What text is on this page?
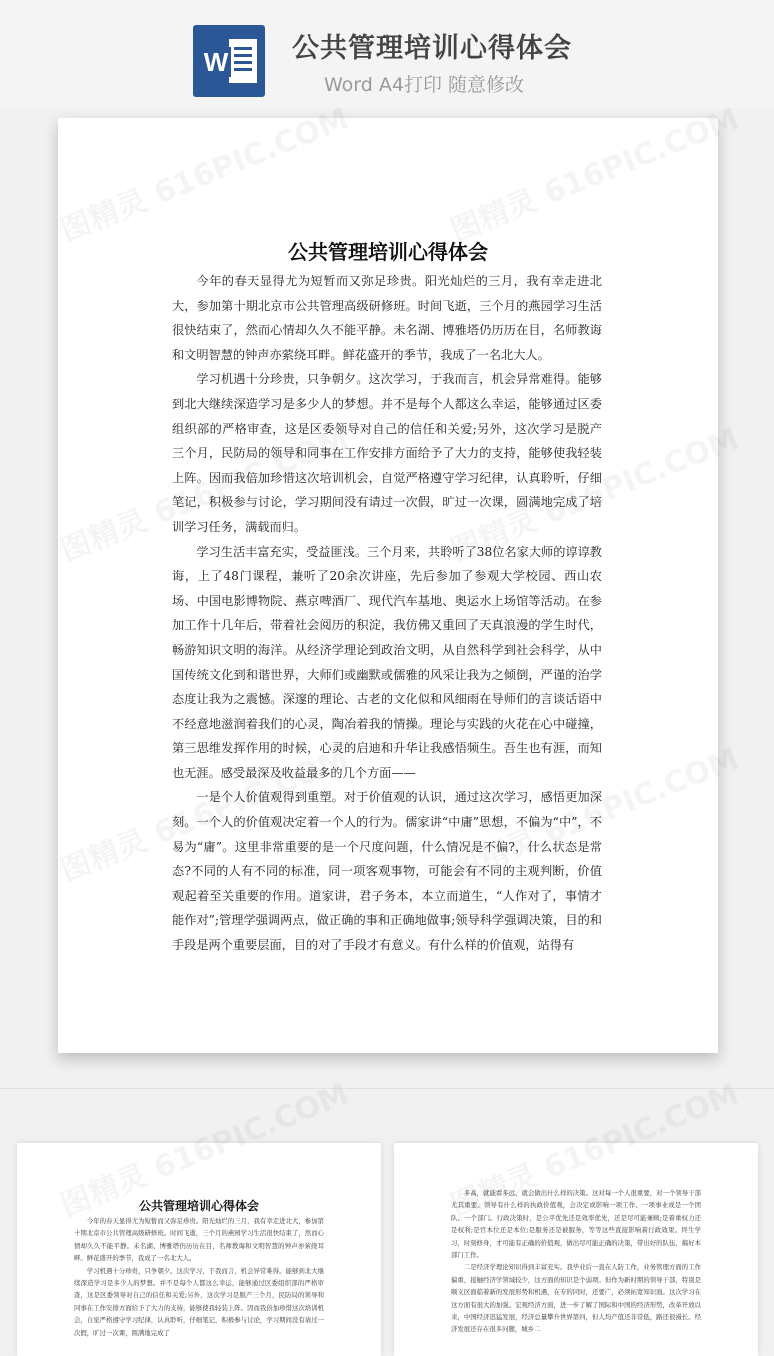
W 公共管理培训心得体会
Word A4打印 随意修改
公共管理培训心得体会

今年的春天显得尤为短暂而又弥足珍贵。阳光灿烂的三月，我有幸走进北大，参加第十期北京市公共管理高级研修班。时间飞逝，三个月的燕园学习生活很快结束了，然而心情却久久不能平静。未名湖、博雅塔仍历历在目，名师教诲和文明智慧的钟声亦萦绕耳畔。鲜花盛开的季节，我成了一名北大人。

学习机遇十分珍贵，只争朝夕。这次学习，于我而言，机会异常难得。能够到北大继续深造学习是多少人的梦想。并不是每个人都这么幸运，能够通过区委组织部的严格审查，这是区委领导对自己的信任和关爱;另外，这次学习是脱产三个月，民防局的领导和同事在工作安排方面给予了大力的支持，能够使我轻装上阵。因而我倍加珍惜这次培训机会，自觉严格遵守学习纪律，认真聆听，仔细笔记，积极参与讨论，学习期间没有请过一次假，旷过一次课，圆满地完成了培训学习任务，满载而归。

学习生活丰富充实，受益匪浅。三个月来，共聆听了38位名家大师的谆谆教诲，上了48门课程，兼听了20余次讲座，先后参加了参观大学校园、西山农场、中国电影博物院、燕京啤酒厂、现代汽车基地、奥运水上场馆等活动。在参加工作十几年后，带着社会阅历的积淀，我仿佛又重回了天真浪漫的学生时代，畅游知识文明的海洋。从经济学理论到政治文明，从自然科学到社会科学，从中国传统文化到和谐世界，大师们或幽默或儒雅的风采让我为之倾倒，严谨的治学态度让我为之震憾。深邃的理论、古老的文化似和风细雨在导师们的言谈话语中不经意地滋润着我们的心灵，陶冶着我的情操。理论与实践的火花在心中碰撞，第三思维发挥作用的时候，心灵的启迪和升华让我感悟频生。吾生也有涯，而知也无涯。感受最深及收益最多的几个方面——

一是个人价值观得到重塑。对于价值观的认识，通过这次学习，感悟更加深刻。一个人的价值观决定着一个人的行为。儒家讲“中庸”思想，不偏为“中”，不易为“庸”。这里非常重要的是一个尺度问题，什么情况是不偏?，什么状态是常态?不同的人有不同的标准，同一项客观事物，可能会有不同的主观判断，价值观起着至关重要的作用。道家讲，君子务本，本立而道生，“人作对了，事情才能作对”;管理学强调两点，做正确的事和正确地做事;领导科学强调决策，目的和手段是两个重要层面，目的对了手段才有意义。有什么样的价值观，站得有

公共管理培训心得体会

今年的春天显得尤为短暂而又弥足珍贵。阳光灿烂的三月，我有幸走进北大，参加第十期北京市公共管理高级研修班。时间飞逝，三个月的燕园学习生活很快结束了，然而心情却久久不能平静。未名湖、博雅塔仍历历在目，名师教诲和文明智慧的钟声亦萦绕耳畔。鲜花盛开的季节，我成了一名北大人。

学习机遇十分珍贵，只争朝夕。这次学习，于我而言，机会异常难得。能够到北大继续深造学习是多少人的梦想。并不是每个人都这么幸运，能够通过区委组织部的严格审查，这是区委领导对自己的信任和关爱;另外，这次学习是脱产三个月，民防局的领导和同事在工作安排方面给予了大力的支持，能够使我轻装上阵。因而我倍加珍惜这次培训机会，自觉严格遵守学习纪律，认真聆听，仔细笔记，积极参与讨论，学习期间没有请过一次假，旷过一次课，圆满地完成了

多高，就能看多远，就会做出什么样的决策。这对每一个人很重要，对一个领导干部尤其重要。领导有什么样的执政价值观，会决定或影响一项工作、一项事业或是一个团队、一个部门。行政决策时，是公平优先还是效率优先，还是尽可能兼顾;是着重权力还是权利;是官本位还是本位;是服务还是被服务，等等这些直接影响着行政效果。终生学习，时刻修身，才可能有正确的价值观，做出尽可能正确的决策，带出好的队伍，搞好本部门工作。

二是经济学理论知识得到丰富充实。我毕业后一直在人防工作，业务管理方面的工作偏重，接触经济学领域较少，这方面的知识是个弱项。但作为新时期的领导干部，特别是顺义区面临着新的发展形势和机遇，在专的同时，还要广，必须拓宽知识面。这次学习在这方面有很大的加强。宏观经济方面，进一步了解了国际和中国的经济形势，改革开放以来，中国经济迅猛发展，经济总量攀升世界第四，但人均产值还非常低，路还很漫长。经济发展还存在很多问题，城乡二
